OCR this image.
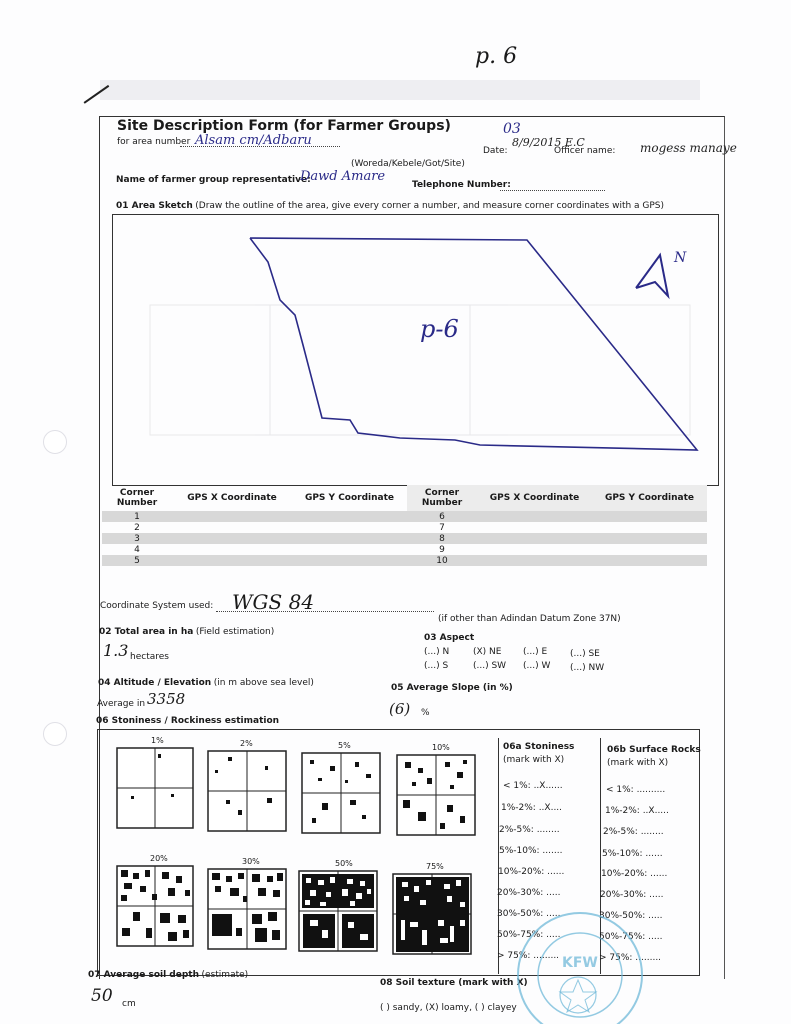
p. 6
Site Description Form (for Farmer Groups)
for area number Alsam cm/Adbaru
03
Date:
8/9/2015 E.C
Officer name: mogess manaye
(Woreda/Kebele/Got/Site)
Name of farmer group representative:
Dawd Amare
Telephone Number:
01 Area Sketch (Draw the outline of the area, give every corner a number, and measure corner coordinates with a GPS)
p-6
N
Corner Number	GPS X Coordinate	GPS Y Coordinate	Corner Number	GPS X Coordinate	GPS Y Coordinate
1			6		
2			7		
3			8		
4			9		
5			10		
Coordinate System used: WGS 84
(if other than Adindan Datum Zone 37N)
02 Total area in ha (Field estimation)
1.3 hectares
03 Aspect
(...) N	(X) NE (...) E	(...) SE
(...) S	(...) SW (...) W (...) NW
04 Altitude / Elevation (in m above sea level)
Average in 3358
05 Average Slope (in %)
(6) %
06 Stoniness / Rockiness estimation
1%	2%	5%	10%
20%	30%	50%	75%
06a Stoniness
(mark with X)
< 1%: ..X......
1%-2%: ..X....
2%-5%: ........
5%-10%: .......
10%-20%: ......
20%-30%: .....
30%-50%: .....
50%-75%: .....
> 75%: .........
06b Surface Rocks
(mark with X)
< 1%: ..........
1%-2%: ..X.....
2%-5%: ........
5%-10%: ......
10%-20%: ......
20%-30%: .....
30%-50%: .....
50%-75%: .....
> 75%: .........
07 Average soil depth (estimate)
50 cm
08 Soil texture (mark with X)
( ) sandy, (X) loamy, ( ) clayey
KFW
